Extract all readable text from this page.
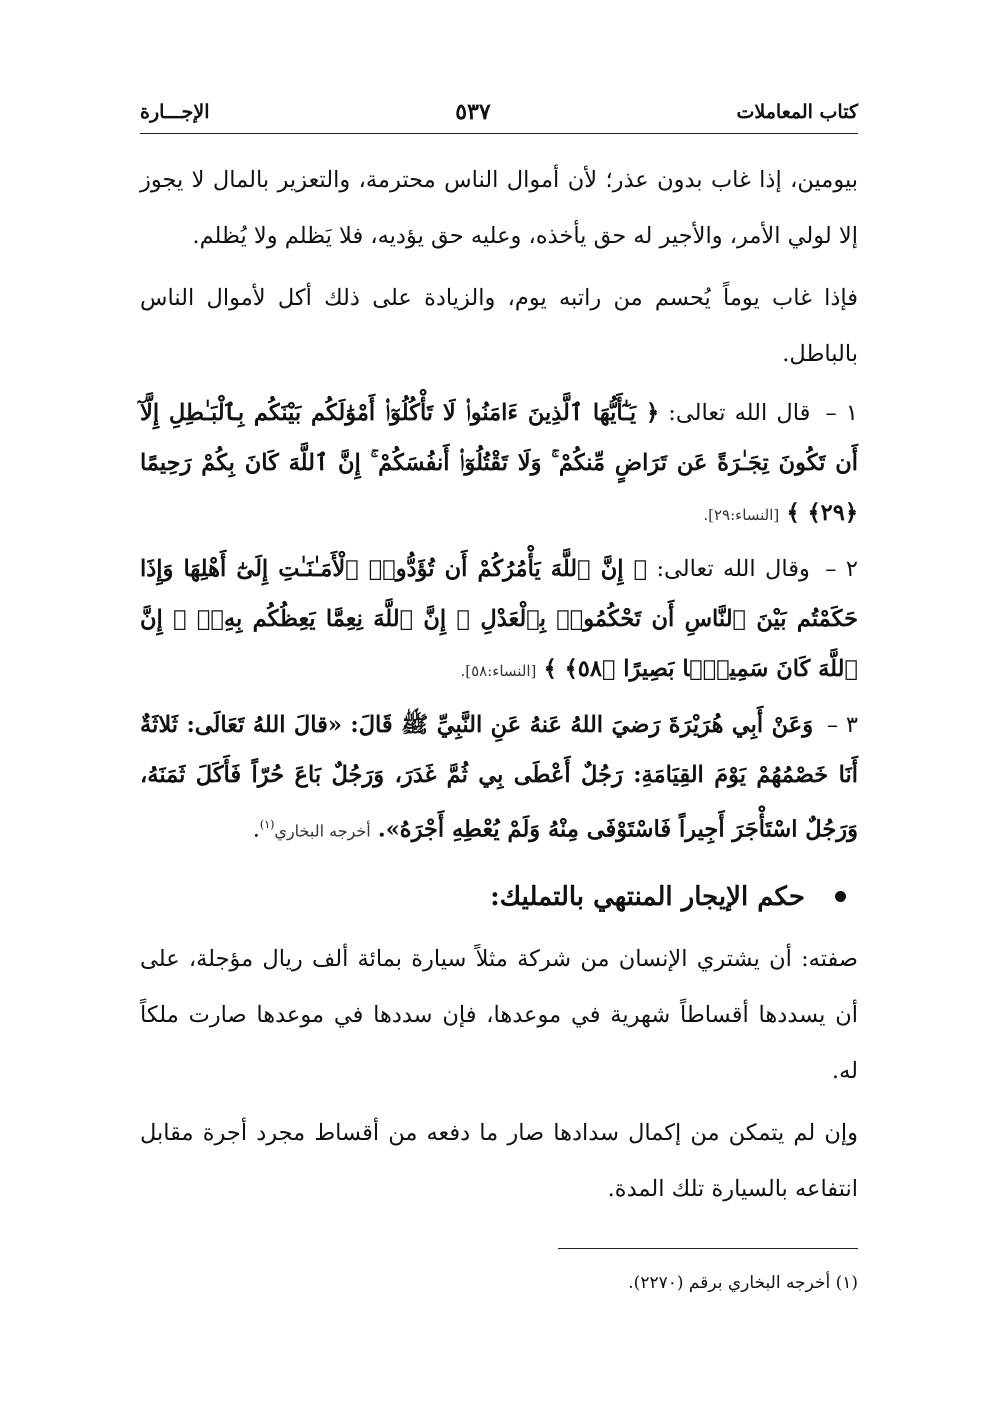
كتاب المعاملات
٥٣٧
الإجـــارة

بيومين، إذا غاب بدون عذر؛ لأن أموال الناس محترمة، والتعزير بالمال لا يجوز إلا لولي الأمر، والأجير له حق يأخذه، وعليه حق يؤديه، فلا يَظلم ولا يُظلم.

فإذا غاب يوماً يُحسم من راتبه يوم، والزيادة على ذلك أكل لأموال الناس بالباطل.

١ – قال الله تعالى: ﴿ يَـٰٓأَيُّهَا ٱلَّذِينَ ءَامَنُوا۟ لَا تَأْكُلُوٓا۟ أَمْوَٰلَكُم بَيْنَكُم بِٱلْبَـٰطِلِ إِلَّآ أَن تَكُونَ تِجَـٰرَةً عَن تَرَاضٍ مِّنكُمْ ۚ وَلَا تَقْتُلُوٓا۟ أَنفُسَكُمْ ۚ إِنَّ ٱللَّهَ كَانَ بِكُمْ رَحِيمًا ﴿٢٩﴾ ﴾ [النساء:٢٩].

٢ – وقال الله تعالى: ﴿ إِنَّ ٱللَّهَ يَأْمُرُكُمْ أَن تُؤَدُّوا۟ ٱلْأَمَـٰنَـٰتِ إِلَىٰٓ أَهْلِهَا وَإِذَا حَكَمْتُم بَيْنَ ٱلنَّاسِ أَن تَحْكُمُوا۟ بِٱلْعَدْلِ ۚ إِنَّ ٱللَّهَ نِعِمَّا يَعِظُكُم بِهِۦٓ ۗ إِنَّ ٱللَّهَ كَانَ سَمِيعًۢا بَصِيرًا ﴿٥٨﴾ ﴾ [النساء:٥٨].

٣ – وَعَنْ أَبِي هُرَيْرَةَ رَضيَ اللهُ عَنهُ عَنِ النَّبِيِّ ﷺ قَالَ: «قالَ اللهُ تَعَالَى: ثَلاثَةٌ أَنَا خَصْمُهُمْ يَوْمَ القِيَامَةِ: رَجُلٌ أَعْطَى بِي ثُمَّ غَدَرَ، وَرَجُلٌ بَاعَ حُرّاً فَأَكَلَ ثَمَنَهُ، وَرَجُلٌ اسْتَأْجَرَ أَجِيراً فَاسْتَوْفَى مِنْهُ وَلَمْ يُعْطِهِ أَجْرَهُ». أخرجه البخاري$^{(١)}$.

حكم الإيجار المنتهي بالتمليك:

صفته: أن يشتري الإنسان من شركة مثلاً سيارة بمائة ألف ريال مؤجلة، على أن يسددها أقساطاً شهرية في موعدها، فإن سددها في موعدها صارت ملكاً له.

وإن لم يتمكن من إكمال سدادها صار ما دفعه من أقساط مجرد أجرة مقابل انتفاعه بالسيارة تلك المدة.

(١) أخرجه البخاري برقم (٢٢٧٠).
